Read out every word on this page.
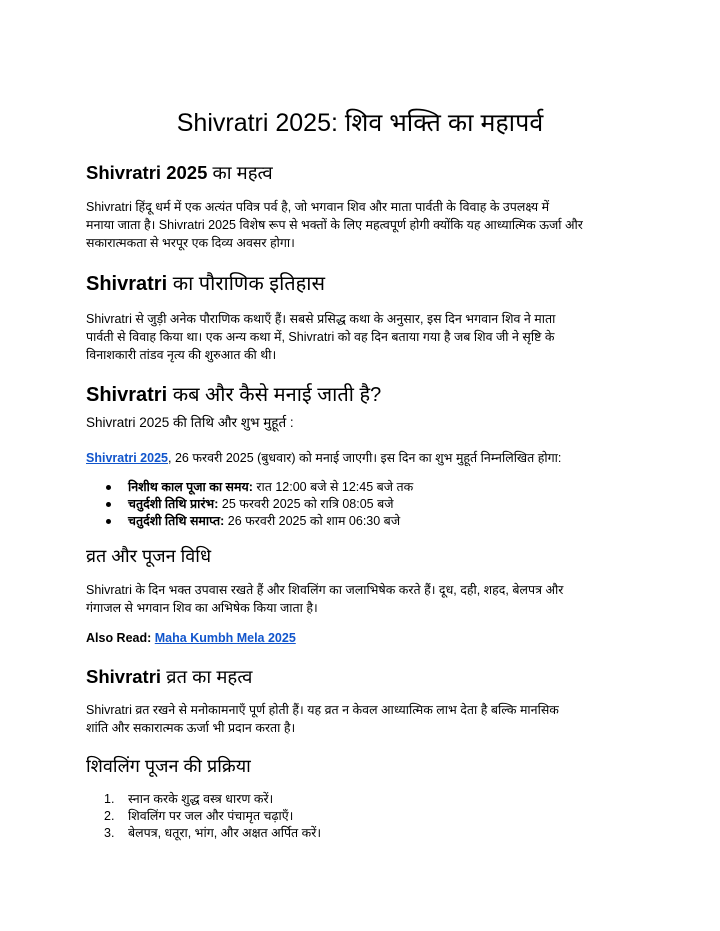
Shivratri 2025: शिव भक्ति का महापर्व
Shivratri 2025 का महत्व

Shivratri हिंदू धर्म में एक अत्यंत पवित्र पर्व है, जो भगवान शिव और माता पार्वती के विवाह के उपलक्ष्य में
मनाया जाता है। Shivratri 2025 विशेष रूप से भक्तों के लिए महत्वपूर्ण होगी क्योंकि यह आध्यात्मिक ऊर्जा और
सकारात्मकता से भरपूर एक दिव्य अवसर होगा।

Shivratri का पौराणिक इतिहास

Shivratri से जुड़ी अनेक पौराणिक कथाएँ हैं। सबसे प्रसिद्ध कथा के अनुसार, इस दिन भगवान शिव ने माता
पार्वती से विवाह किया था। एक अन्य कथा में, Shivratri को वह दिन बताया गया है जब शिव जी ने सृष्टि के
विनाशकारी तांडव नृत्य की शुरुआत की थी।

Shivratri कब और कैसे मनाई जाती है?

Shivratri 2025 की तिथि और शुभ मुहूर्त :

Shivratri 2025, 26 फरवरी 2025 (बुधवार) को मनाई जाएगी। इस दिन का शुभ मुहूर्त निम्नलिखित होगा:

निशीथ काल पूजा का समय: रात 12:00 बजे से 12:45 बजे तक
चतुर्दशी तिथि प्रारंभ: 25 फरवरी 2025 को रात्रि 08:05 बजे
चतुर्दशी तिथि समाप्त: 26 फरवरी 2025 को शाम 06:30 बजे
व्रत और पूजन विधि

Shivratri के दिन भक्त उपवास रखते हैं और शिवलिंग का जलाभिषेक करते हैं। दूध, दही, शहद, बेलपत्र और
गंगाजल से भगवान शिव का अभिषेक किया जाता है।

Also Read: Maha Kumbh Mela 2025

Shivratri व्रत का महत्व

Shivratri व्रत रखने से मनोकामनाएँ पूर्ण होती हैं। यह व्रत न केवल आध्यात्मिक लाभ देता है बल्कि मानसिक
शांति और सकारात्मक ऊर्जा भी प्रदान करता है।

शिवलिंग पूजन की प्रक्रिया
1. स्नान करके शुद्ध वस्त्र धारण करें।
2. शिवलिंग पर जल और पंचामृत चढ़ाएँ।
3. बेलपत्र, धतूरा, भांग, और अक्षत अर्पित करें।
